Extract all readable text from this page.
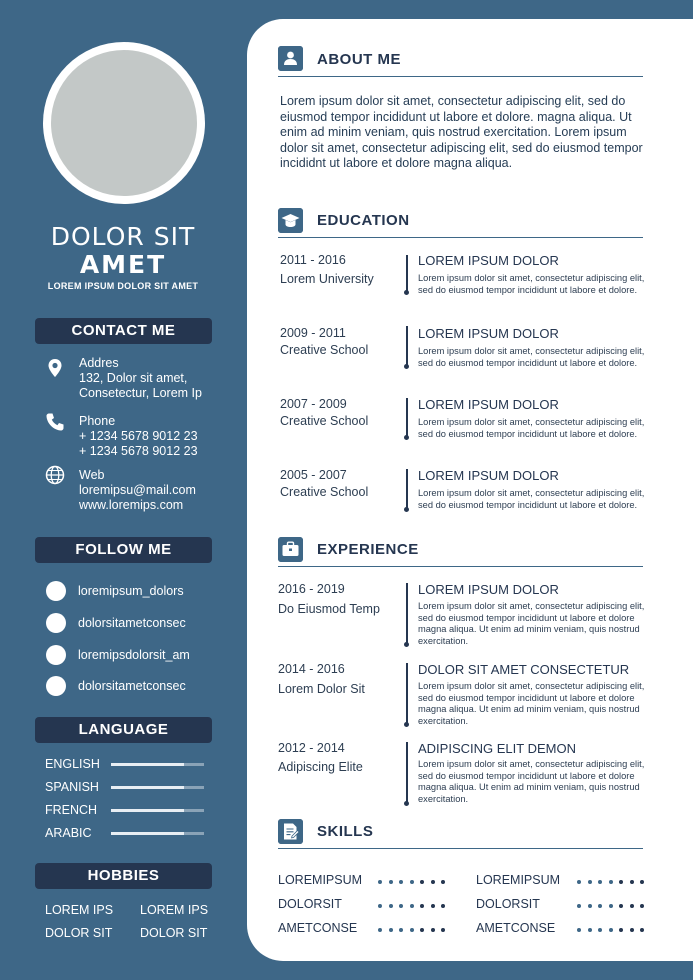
DOLOR SIT
AMET
LOREM IPSUM DOLOR SIT AMET
CONTACT ME
Addres
132, Dolor sit amet,
Consetectur, Lorem Ip
Phone
+ 1234 5678 9012 23
+ 1234 5678 9012 23
Web
loremipsu@mail.com
www.loremips.com
FOLLOW ME
loremipsum_dolors
dolorsitametconsec
loremipsdolorsit_am
dolorsitametconsec
LANGUAGE
ENGLISH
SPANISH
FRENCH
ARABIC
HOBBIES
LOREM IPS LOREM IPS
DOLOR SIT DOLOR SIT
ABOUT ME
Lorem ipsum dolor sit amet, consectetur adipiscing elit, sed do eiusmod tempor incididunt ut labore et dolore. magna aliqua. Ut enim ad minim veniam, quis nostrud exercitation. Lorem ipsum dolor sit amet, consectetur adipiscing elit, sed do eiusmod tempor incididnt ut labore et dolore magna aliqua.
EDUCATION
2011 - 2016
Lorem University
LOREM IPSUM DOLOR
Lorem ipsum dolor sit amet, consectetur adipiscing elit, sed do eiusmod tempor incididunt ut labore et dolore.
2009 - 2011
Creative School
LOREM IPSUM DOLOR
Lorem ipsum dolor sit amet, consectetur adipiscing elit, sed do eiusmod tempor incididunt ut labore et dolore.
2007 - 2009
Creative School
LOREM IPSUM DOLOR
Lorem ipsum dolor sit amet, consectetur adipiscing elit, sed do eiusmod tempor incididunt ut labore et dolore.
2005 - 2007
Creative School
LOREM IPSUM DOLOR
Lorem ipsum dolor sit amet, consectetur adipiscing elit, sed do eiusmod tempor incididunt ut labore et dolore.
EXPERIENCE
2016 - 2019
Do Eiusmod Temp
LOREM IPSUM DOLOR
Lorem ipsum dolor sit amet, consectetur adipiscing elit, sed do eiusmod tempor incididunt ut labore et dolore magna aliqua. Ut enim ad minim veniam, quis nostrud exercitation.
2014 - 2016
Lorem Dolor Sit
DOLOR SIT AMET CONSECTETUR
Lorem ipsum dolor sit amet, consectetur adipiscing elit, sed do eiusmod tempor incididunt ut labore et dolore magna aliqua. Ut enim ad minim veniam, quis nostrud exercitation.
2012 - 2014
Adipiscing Elite
ADIPISCING ELIT DEMON
Lorem ipsum dolor sit amet, consectetur adipiscing elit, sed do eiusmod tempor incididunt ut labore et dolore magna aliqua. Ut enim ad minim veniam, quis nostrud exercitation.
SKILLS
LOREMIPSUM
DOLORSIT
AMETCONSE
LOREMIPSUM
DOLORSIT
AMETCONSE
